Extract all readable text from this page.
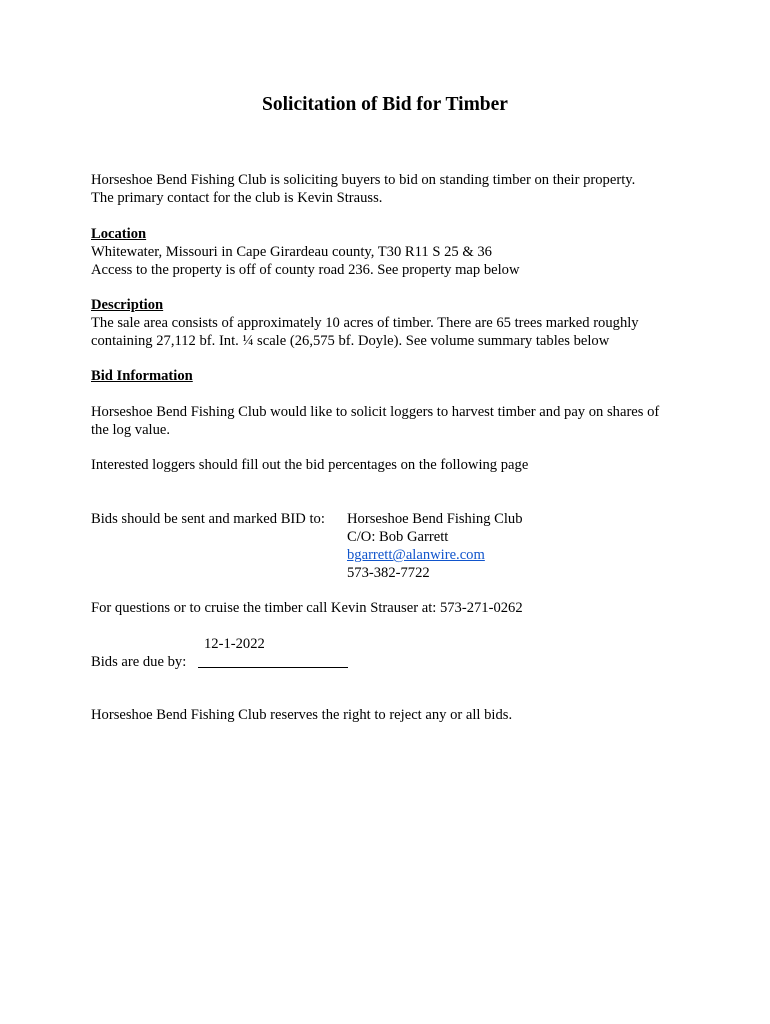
Solicitation of Bid for Timber
Horseshoe Bend Fishing Club is soliciting buyers to bid on standing timber on their property.
The primary contact for the club is Kevin Strauss.
Location
Whitewater, Missouri in Cape Girardeau county, T30 R11 S 25 & 36
Access to the property is off of county road 236. See property map below
Description
The sale area consists of approximately 10 acres of timber. There are 65 trees marked roughly
containing 27,112 bf. Int. ¼ scale (26,575 bf. Doyle). See volume summary tables below
Bid Information
Horseshoe Bend Fishing Club would like to solicit loggers to harvest timber and pay on shares of
the log value.
Interested loggers should fill out the bid percentages on the following page
Bids should be sent and marked BID to:	Horseshoe Bend Fishing Club
C/O: Bob Garrett
bgarrett@alanwire.com
573-382-7722
For questions or to cruise the timber call Kevin Strauser at: 573-271-0262
12-1-2022
Bids are due by:
Horseshoe Bend Fishing Club reserves the right to reject any or all bids.
